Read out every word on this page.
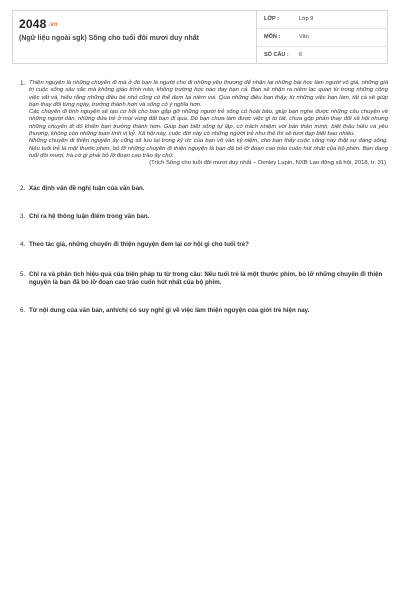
2048 .vn
(Ngữ liệu ngoài sgk) Sống cho tuổi đôi mươi duy nhất
LỚP :	Lớp 9
MÔN :	Văn
SỐ CÂU : 6
1. Thiện nguyện là những chuyến đi mà ở đó bạn là người cho đi những yêu thương để nhận lại những bài học làm người vô giá, những giá trị cuộc sống sâu sắc mà không giáo trình nào, không trường học nào dạy bạn cả. Bạn sẽ nhận ra niềm lạc quan từ trong những công việc vất vả, hiểu rằng những điều bé nhỏ cũng có thể đem lại niềm vui. Qua những điều bạn thấy, từ những việc bạn làm, tất cả sẽ giúp bạn thay đổi từng ngày, trưởng thành hơn và sống có ý nghĩa hơn.

Các chuyến đi tình nguyện sẽ tạo cơ hội cho bạn gặp gỡ những người trẻ sống có hoài bão, giúp bạn nghe được những câu chuyện về những người dân, những đứa trẻ ở mọi vùng đất bạn đi qua. Dù bạn chưa làm được việc gì to tát, chưa góp phần thay đổi xã hội nhưng những chuyến đi đó khiến bạn trưởng thành hơn. Giúp bạn biết sống tự lập, có trách nhiệm với bản thân mình, biết thấu hiểu và yêu thương, không còn những toan tính vị kỷ. Xã hội này, cuộc đời này có những người trẻ như thế thì sẽ tươi đẹp biết bao nhiêu.

Những chuyến đi thiện nguyện ấy cũng sẽ lưu lại trong ký ức của bạn vô vàn kỷ niệm, cho bạn thấy cuộc sống này thật sự đáng sống. Nếu tuổi trẻ là một thước phim, bỏ lỡ những chuyến đi thiện nguyện là bạn đã bỏ lỡ đoạn cao trào cuốn hút nhất của bộ phim. Bạn đang tuổi đôi mươi, hà cớ gì phải bỏ lỡ đoạn cao trào ấy chứ.

(Trích Sống cho tuổi đôi mươi duy nhất – Denley Lupin, NXB Lao động xã hội, 2018, tr. 31)

2. Xác định vấn đề nghị luận của văn bản.
3. Chỉ ra hệ thống luận điểm trong văn bản.
4. Theo tác giả, những chuyến đi thiện nguyện đem lại cơ hội gì cho tuổi trẻ?
5. Chỉ ra và phân tích hiệu quả của biện pháp tu từ trong câu: Nếu tuổi trẻ là một thước phim, bỏ lỡ những chuyến đi thiện nguyện là bạn đã bỏ lỡ đoạn cao trào cuốn hút nhất của bộ phim.
6. Từ nội dung của văn bản, anh/chị có suy nghĩ gì về việc làm thiện nguyện của giới trẻ hiện nay.
